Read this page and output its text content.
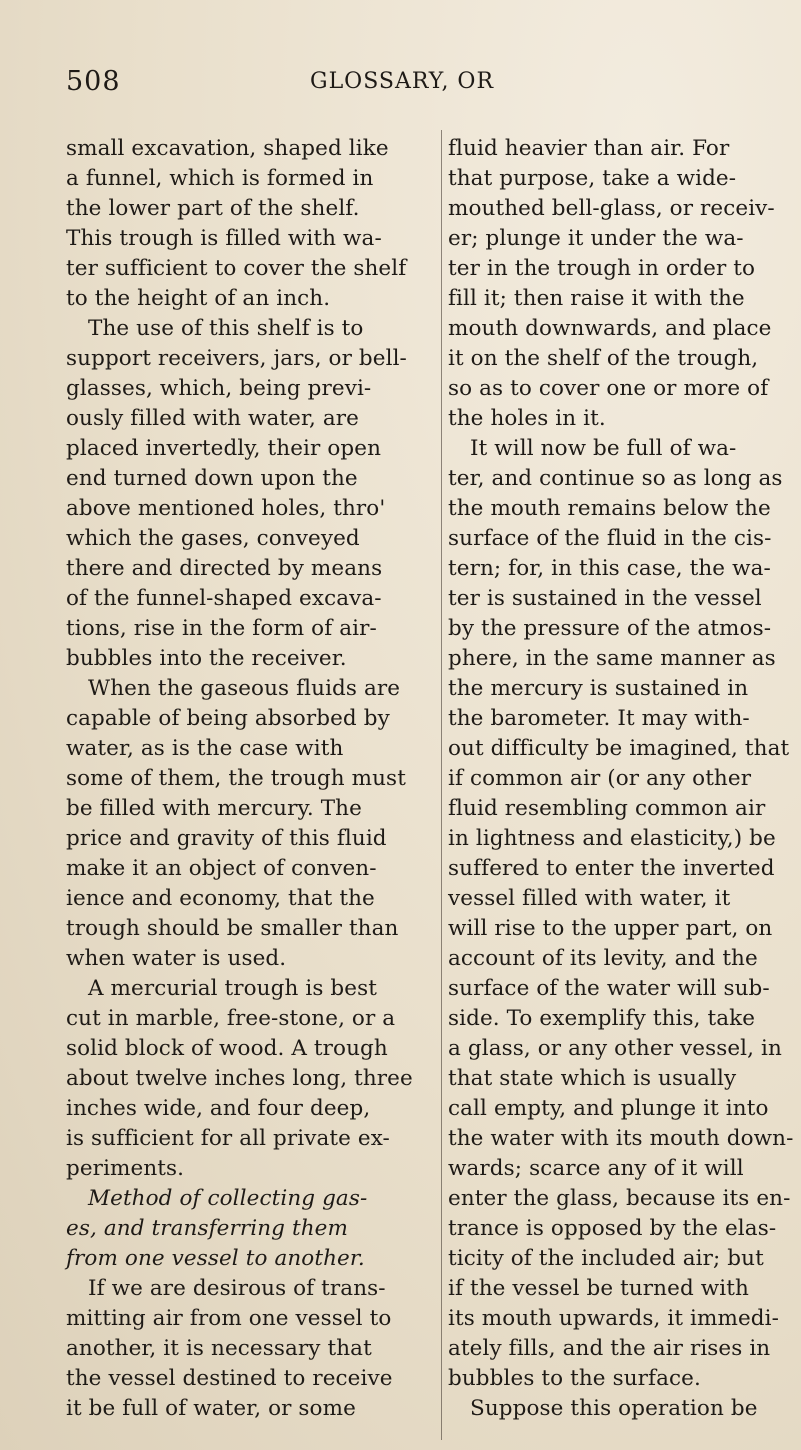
508	GLOSSARY, OR
small excavation, shaped like
a funnel, which is formed in
the lower part of the shelf.
This trough is filled with wa-
ter sufficient to cover the shelf
to the height of an inch.
The use of this shelf is to
support receivers, jars, or bell-
glasses, which, being previ-
ously filled with water, are
placed invertedly, their open
end turned down upon the
above mentioned holes, thro'
which the gases, conveyed
there and directed by means
of the funnel-shaped excava-
tions, rise in the form of air-
bubbles into the receiver.
When the gaseous fluids are
capable of being absorbed by
water, as is the case with
some of them, the trough must
be filled with mercury. The
price and gravity of this fluid
make it an object of conven-
ience and economy, that the
trough should be smaller than
when water is used.
A mercurial trough is best
cut in marble, free-stone, or a
solid block of wood. A trough
about twelve inches long, three
inches wide, and four deep,
is sufficient for all private ex-
periments.
Method of collecting gas-
es, and transferring them
from one vessel to another.
If we are desirous of trans-
mitting air from one vessel to
another, it is necessary that
the vessel destined to receive
it be full of water, or some
fluid heavier than air. For
that purpose, take a wide-
mouthed bell-glass, or receiv-
er; plunge it under the wa-
ter in the trough in order to
fill it; then raise it with the
mouth downwards, and place
it on the shelf of the trough,
so as to cover one or more of
the holes in it.
It will now be full of wa-
ter, and continue so as long as
the mouth remains below the
surface of the fluid in the cis-
tern; for, in this case, the wa-
ter is sustained in the vessel
by the pressure of the atmos-
phere, in the same manner as
the mercury is sustained in
the barometer. It may with-
out difficulty be imagined, that
if common air (or any other
fluid resembling common air
in lightness and elasticity,) be
suffered to enter the inverted
vessel filled with water, it
will rise to the upper part, on
account of its levity, and the
surface of the water will sub-
side. To exemplify this, take
a glass, or any other vessel, in
that state which is usually
call empty, and plunge it into
the water with its mouth down-
wards; scarce any of it will
enter the glass, because its en-
trance is opposed by the elas-
ticity of the included air; but
if the vessel be turned with
its mouth upwards, it immedi-
ately fills, and the air rises in
bubbles to the surface.
Suppose this operation be
